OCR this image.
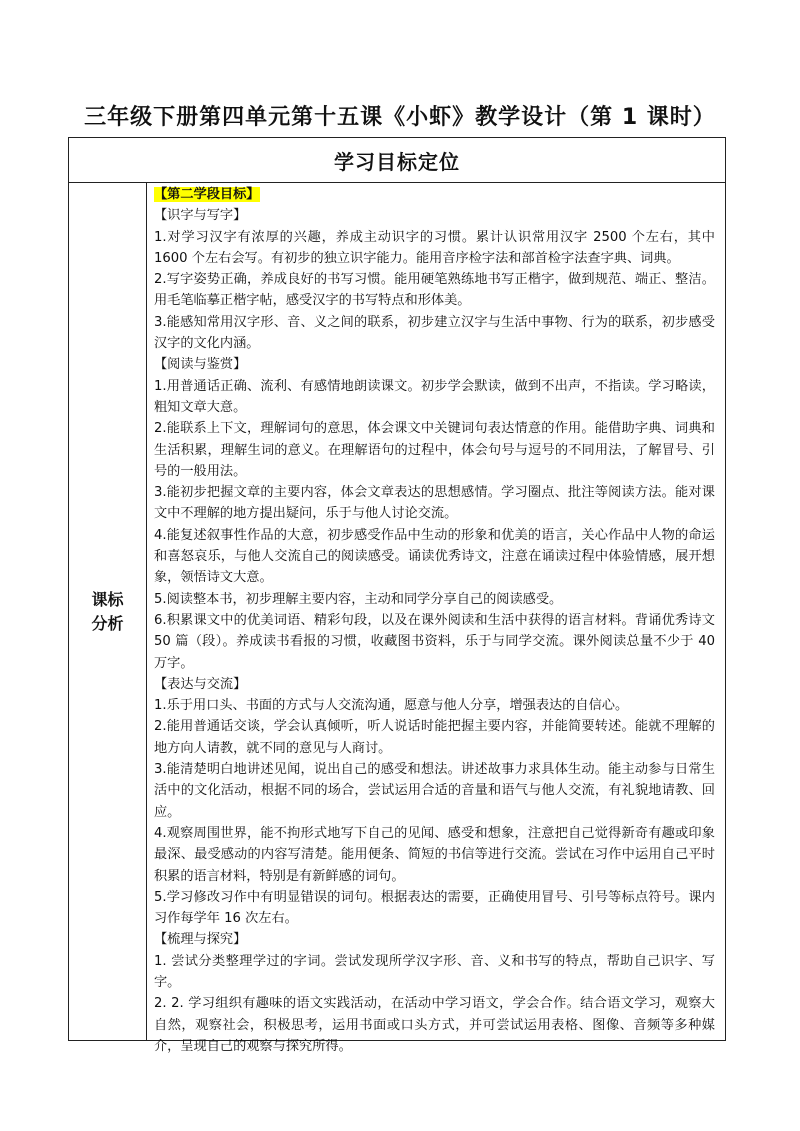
三年级下册第四单元第十五课《小虾》教学设计（第 1 课时）
学习目标定位
课标分析

【第二学段目标】

【识字与写字】

1.对学习汉字有浓厚的兴趣，养成主动识字的习惯。累计认识常用汉字 2500 个左右，其中 1600 个左右会写。有初步的独立识字能力。能用音序检字法和部首检字法查字典、词典。

2.写字姿势正确，养成良好的书写习惯。能用硬笔熟练地书写正楷字，做到规范、端正、整洁。用毛笔临摹正楷字帖，感受汉字的书写特点和形体美。

3.能感知常用汉字形、音、义之间的联系，初步建立汉字与生活中事物、行为的联系，初步感受汉字的文化内涵。

【阅读与鉴赏】

1.用普通话正确、流利、有感情地朗读课文。初步学会默读，做到不出声，不指读。学习略读，粗知文章大意。

2.能联系上下文，理解词句的意思，体会课文中关键词句表达情意的作用。能借助字典、词典和生活积累，理解生词的意义。在理解语句的过程中，体会句号与逗号的不同用法，了解冒号、引号的一般用法。

3.能初步把握文章的主要内容，体会文章表达的思想感情。学习圈点、批注等阅读方法。能对课文中不理解的地方提出疑问，乐于与他人讨论交流。

4.能复述叙事性作品的大意，初步感受作品中生动的形象和优美的语言，关心作品中人物的命运和喜怒哀乐，与他人交流自己的阅读感受。诵读优秀诗文，注意在诵读过程中体验情感，展开想象，领悟诗文大意。

5.阅读整本书，初步理解主要内容，主动和同学分享自己的阅读感受。

6.积累课文中的优美词语、精彩句段，以及在课外阅读和生活中获得的语言材料。背诵优秀诗文 50 篇（段）。养成读书看报的习惯，收藏图书资料，乐于与同学交流。课外阅读总量不少于 40 万字。

【表达与交流】

1.乐于用口头、书面的方式与人交流沟通，愿意与他人分享，增强表达的自信心。

2.能用普通话交谈，学会认真倾听，听人说话时能把握主要内容，并能简要转述。能就不理解的地方向人请教，就不同的意见与人商讨。

3.能清楚明白地讲述见闻，说出自己的感受和想法。讲述故事力求具体生动。能主动参与日常生活中的文化活动，根据不同的场合，尝试运用合适的音量和语气与他人交流，有礼貌地请教、回应。

4.观察周围世界，能不拘形式地写下自己的见闻、感受和想象，注意把自己觉得新奇有趣或印象最深、最受感动的内容写清楚。能用便条、简短的书信等进行交流。尝试在习作中运用自己平时积累的语言材料，特别是有新鲜感的词句。

5.学习修改习作中有明显错误的词句。根据表达的需要，正确使用冒号、引号等标点符号。课内习作每学年 16 次左右。

【梳理与探究】

1. 尝试分类整理学过的字词。尝试发现所学汉字形、音、义和书写的特点，帮助自己识字、写字。

2. 2. 学习组织有趣味的语文实践活动，在活动中学习语文，学会合作。结合语文学习，观察大自然，观察社会，积极思考，运用书面或口头方式，并可尝试运用表格、图像、音频等多种媒介，呈现自己的观察与探究所得。
